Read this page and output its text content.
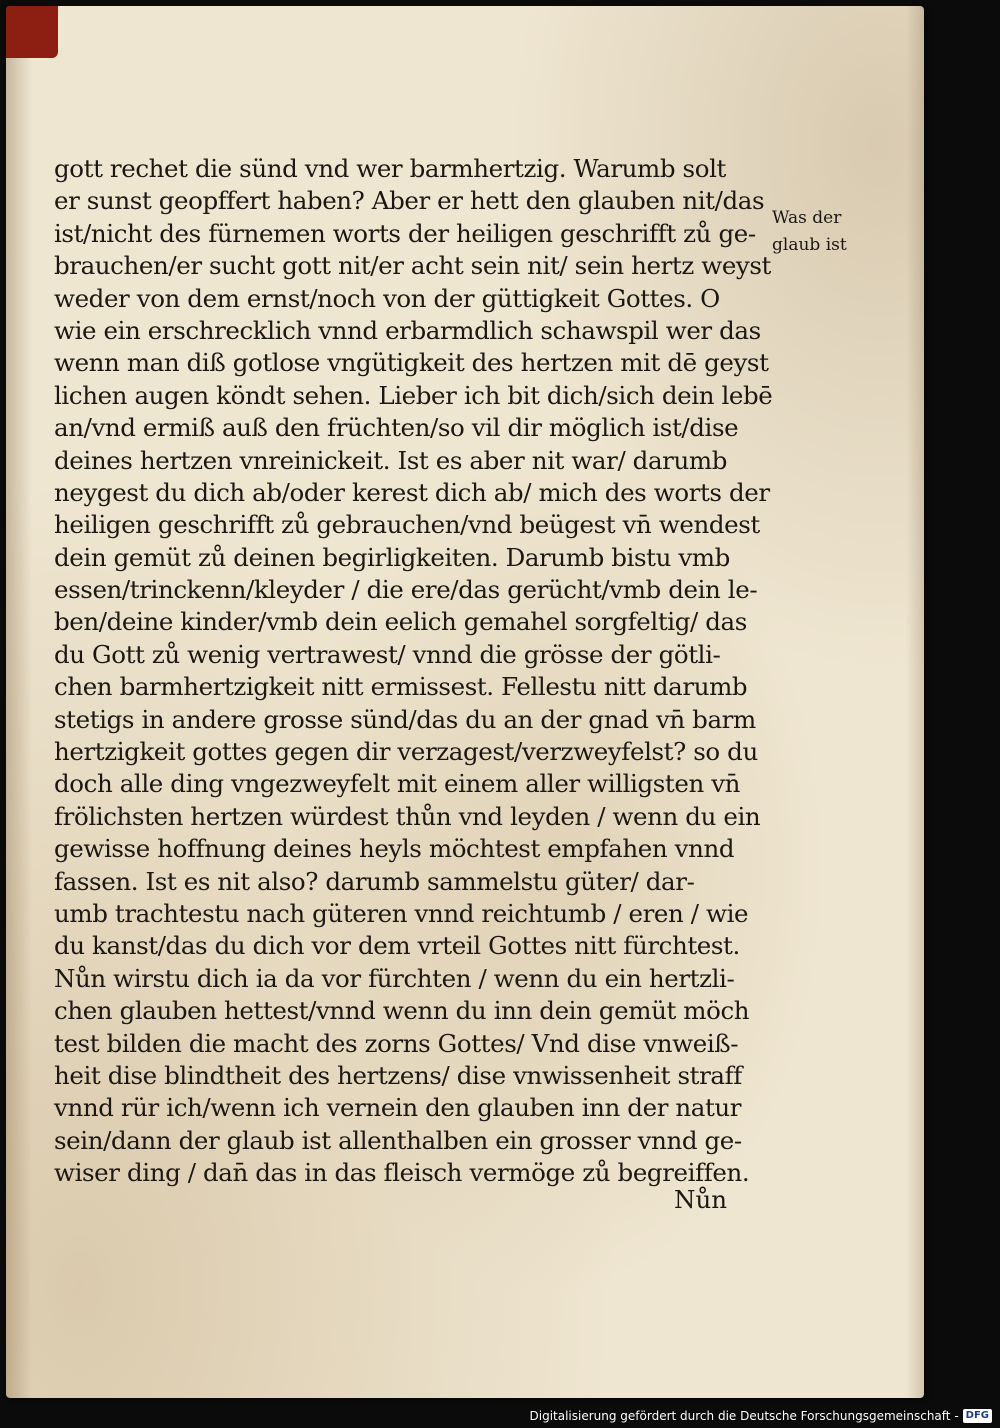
gott rechet die sünd vnd wer barmhertzig. Warumb solt
er sunst geopffert haben? Aber er hett den glauben nit/das
ist/nicht des fürnemen worts der heiligen geschrifft zů ge-
brauchen/er sucht gott nit/er acht sein nit/ sein hertz weyst
weder von dem ernst/noch von der güttigkeit Gottes. O
wie ein erschrecklich vnnd erbarmdlich schawspil wer das
wenn man diß gotlose vngütigkeit des hertzen mit dē geyst
lichen augen köndt sehen. Lieber ich bit dich/sich dein lebē
an/vnd ermiß auß den früchten/so vil dir möglich ist/dise
deines hertzen vnreinickeit. Ist es aber nit war/ darumb
neygest du dich ab/oder kerest dich ab/ mich des worts der
heiligen geschrifft zů gebrauchen/vnd beügest vn̄ wendest
dein gemüt zů deinen begirligkeiten. Darumb bistu vmb
essen/trinckenn/kleyder / die ere/das gerücht/vmb dein le-
ben/deine kinder/vmb dein eelich gemahel sorgfeltig/ das
du Gott zů wenig vertrawest/ vnnd die grösse der götli-
chen barmhertzigkeit nitt ermissest. Fellestu nitt darumb
stetigs in andere grosse sünd/das du an der gnad vn̄ barm
hertzigkeit gottes gegen dir verzagest/verzweyfelst? so du
doch alle ding vngezweyfelt mit einem aller willigsten vn̄
frölichsten hertzen würdest thůn vnd leyden / wenn du ein
gewisse hoffnung deines heyls möchtest empfahen vnnd
fassen. Ist es nit also? darumb sammelstu güter/ dar-
umb trachtestu nach güteren vnnd reichtumb / eren / wie
du kanst/das du dich vor dem vrteil Gottes nitt fürchtest.
Nůn wirstu dich ia da vor fürchten / wenn du ein hertzli-
chen glauben hettest/vnnd wenn du inn dein gemüt möch
test bilden die macht des zorns Gottes/ Vnd dise vnweiß-
heit dise blindtheit des hertzens/ dise vnwissenheit straff
vnnd rür ich/wenn ich vernein den glauben inn der natur
sein/dann der glaub ist allenthalben ein grosser vnnd ge-
wiser ding / dan̄ das in das fleisch vermöge zů begreiffen.
Was der
glaub ist
Nůn
Digitalisierung gefördert durch die Deutsche Forschungsgemeinschaft - DFG
